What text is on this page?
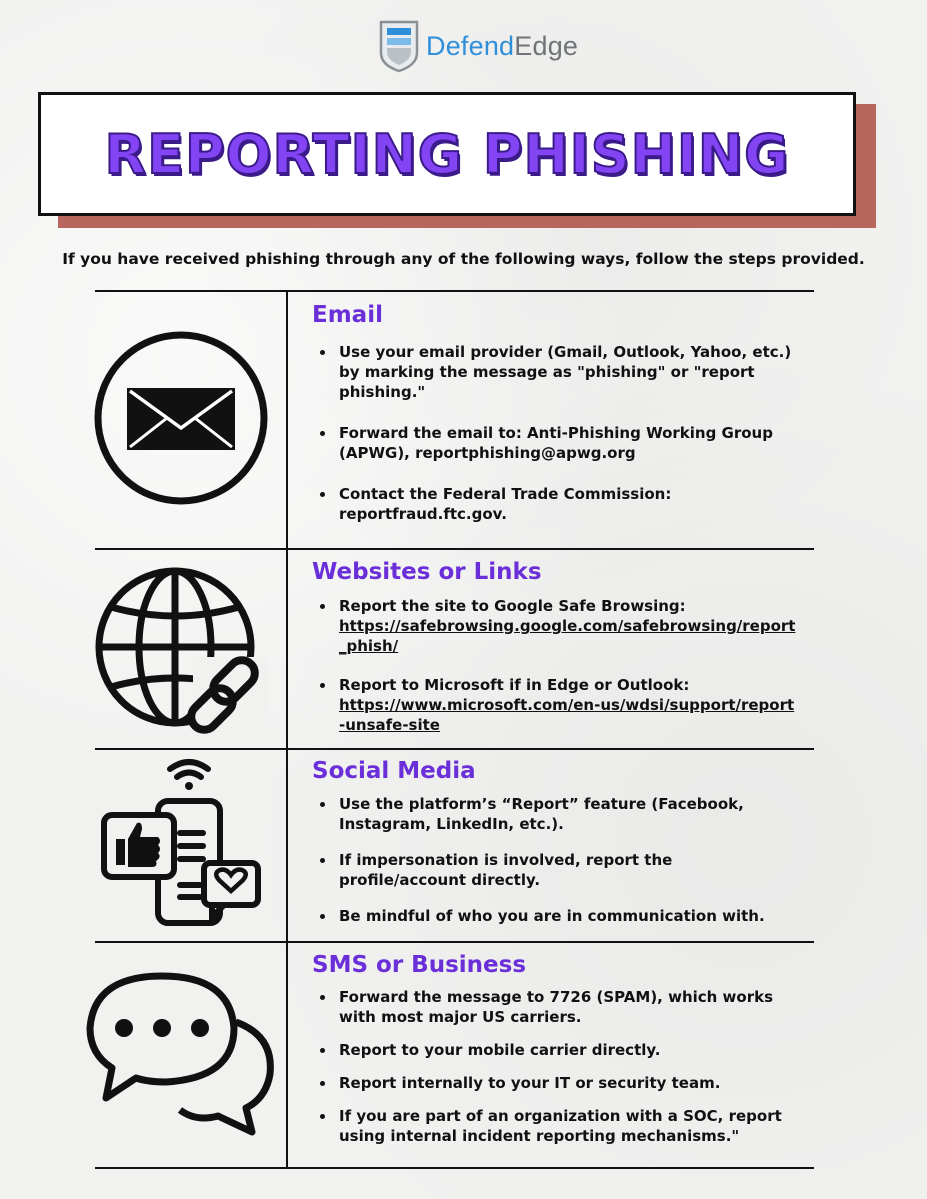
DefendEdge
REPORTING PHISHING
If you have received phishing through any of the following ways, follow the steps provided.
Email
Use your email provider (Gmail, Outlook, Yahoo, etc.) by marking the message as "phishing" or "report phishing."
Forward the email to: Anti-Phishing Working Group (APWG), reportphishing@apwg.org
Contact the Federal Trade Commission: reportfraud.ftc.gov.
Websites or Links
Report the site to Google Safe Browsing:
https://safebrowsing.google.com/safebrowsing/report_phish/
Report to Microsoft if in Edge or Outlook:
https://www.microsoft.com/en-us/wdsi/support/report-unsafe-site
Social Media
Use the platform’s “Report” feature (Facebook, Instagram, LinkedIn, etc.).
If impersonation is involved, report the profile/account directly.
Be mindful of who you are in communication with.
SMS or Business
Forward the message to 7726 (SPAM), which works with most major US carriers.
Report to your mobile carrier directly.
Report internally to your IT or security team.
If you are part of an organization with a SOC, report using internal incident reporting mechanisms."
